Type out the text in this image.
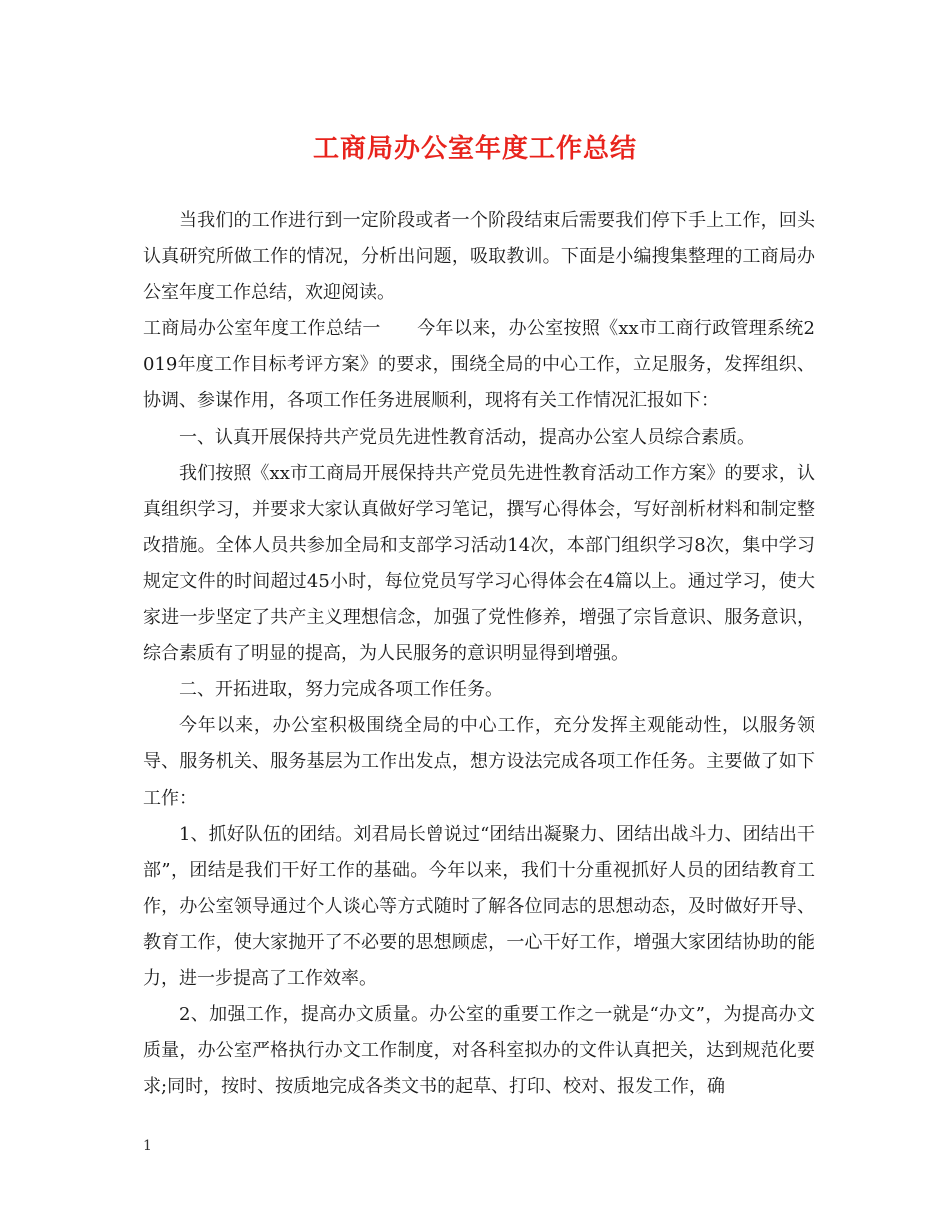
工商局办公室年度工作总结

当我们的工作进行到一定阶段或者一个阶段结束后需要我们停下手上工作，回头认真研究所做工作的情况，分析出问题，吸取教训。下面是小编搜集整理的工商局办公室年度工作总结，欢迎阅读。

工商局办公室年度工作总结一　　今年以来，办公室按照《xx市工商行政管理系统2019年度工作目标考评方案》的要求，围绕全局的中心工作，立足服务，发挥组织、协调、参谋作用，各项工作任务进展顺利，现将有关工作情况汇报如下：

一、认真开展保持共产党员先进性教育活动，提高办公室人员综合素质。

我们按照《xx市工商局开展保持共产党员先进性教育活动工作方案》的要求，认真组织学习，并要求大家认真做好学习笔记，撰写心得体会，写好剖析材料和制定整改措施。全体人员共参加全局和支部学习活动14次，本部门组织学习8次，集中学习规定文件的时间超过45小时，每位党员写学习心得体会在4篇以上。通过学习，使大家进一步坚定了共产主义理想信念，加强了党性修养，增强了宗旨意识、服务意识，综合素质有了明显的提高，为人民服务的意识明显得到增强。

二、开拓进取，努力完成各项工作任务。

今年以来，办公室积极围绕全局的中心工作，充分发挥主观能动性，以服务领导、服务机关、服务基层为工作出发点，想方设法完成各项工作任务。主要做了如下工作：

1、抓好队伍的团结。刘君局长曾说过“团结出凝聚力、团结出战斗力、团结出干部”，团结是我们干好工作的基础。今年以来，我们十分重视抓好人员的团结教育工作，办公室领导通过个人谈心等方式随时了解各位同志的思想动态，及时做好开导、教育工作，使大家抛开了不必要的思想顾虑，一心干好工作，增强大家团结协助的能力，进一步提高了工作效率。

2、加强工作，提高办文质量。办公室的重要工作之一就是“办文”，为提高办文质量，办公室严格执行办文工作制度，对各科室拟办的文件认真把关，达到规范化要求;同时，按时、按质地完成各类文书的起草、打印、校对、报发工作，确

1
